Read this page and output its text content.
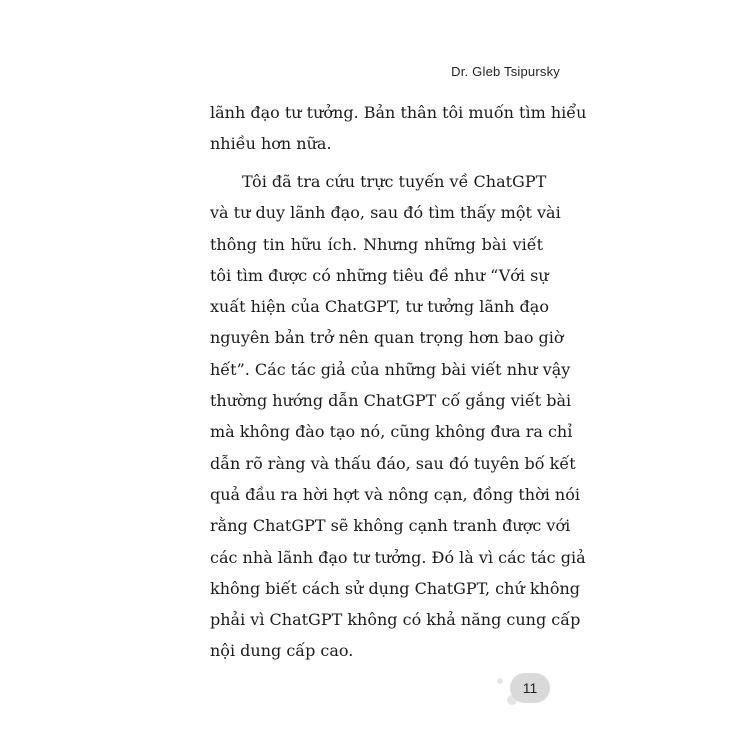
Dr. Gleb Tsipursky

lãnh đạo tư tưởng. Bản thân tôi muốn tìm hiểu
nhiều hơn nữa.

Tôi đã tra cứu trực tuyến về ChatGPT
và tư duy lãnh đạo, sau đó tìm thấy một vài
thông tin hữu ích. Nhưng những bài viết
tôi tìm được có những tiêu đề như “Với sự
xuất hiện của ChatGPT, tư tưởng lãnh đạo
nguyên bản trở nên quan trọng hơn bao giờ
hết”. Các tác giả của những bài viết như vậy
thường hướng dẫn ChatGPT cố gắng viết bài
mà không đào tạo nó, cũng không đưa ra chỉ
dẫn rõ ràng và thấu đáo, sau đó tuyên bố kết
quả đầu ra hời hợt và nông cạn, đồng thời nói
rằng ChatGPT sẽ không cạnh tranh được với
các nhà lãnh đạo tư tưởng. Đó là vì các tác giả
không biết cách sử dụng ChatGPT, chứ không
phải vì ChatGPT không có khả năng cung cấp
nội dung cấp cao.

11
